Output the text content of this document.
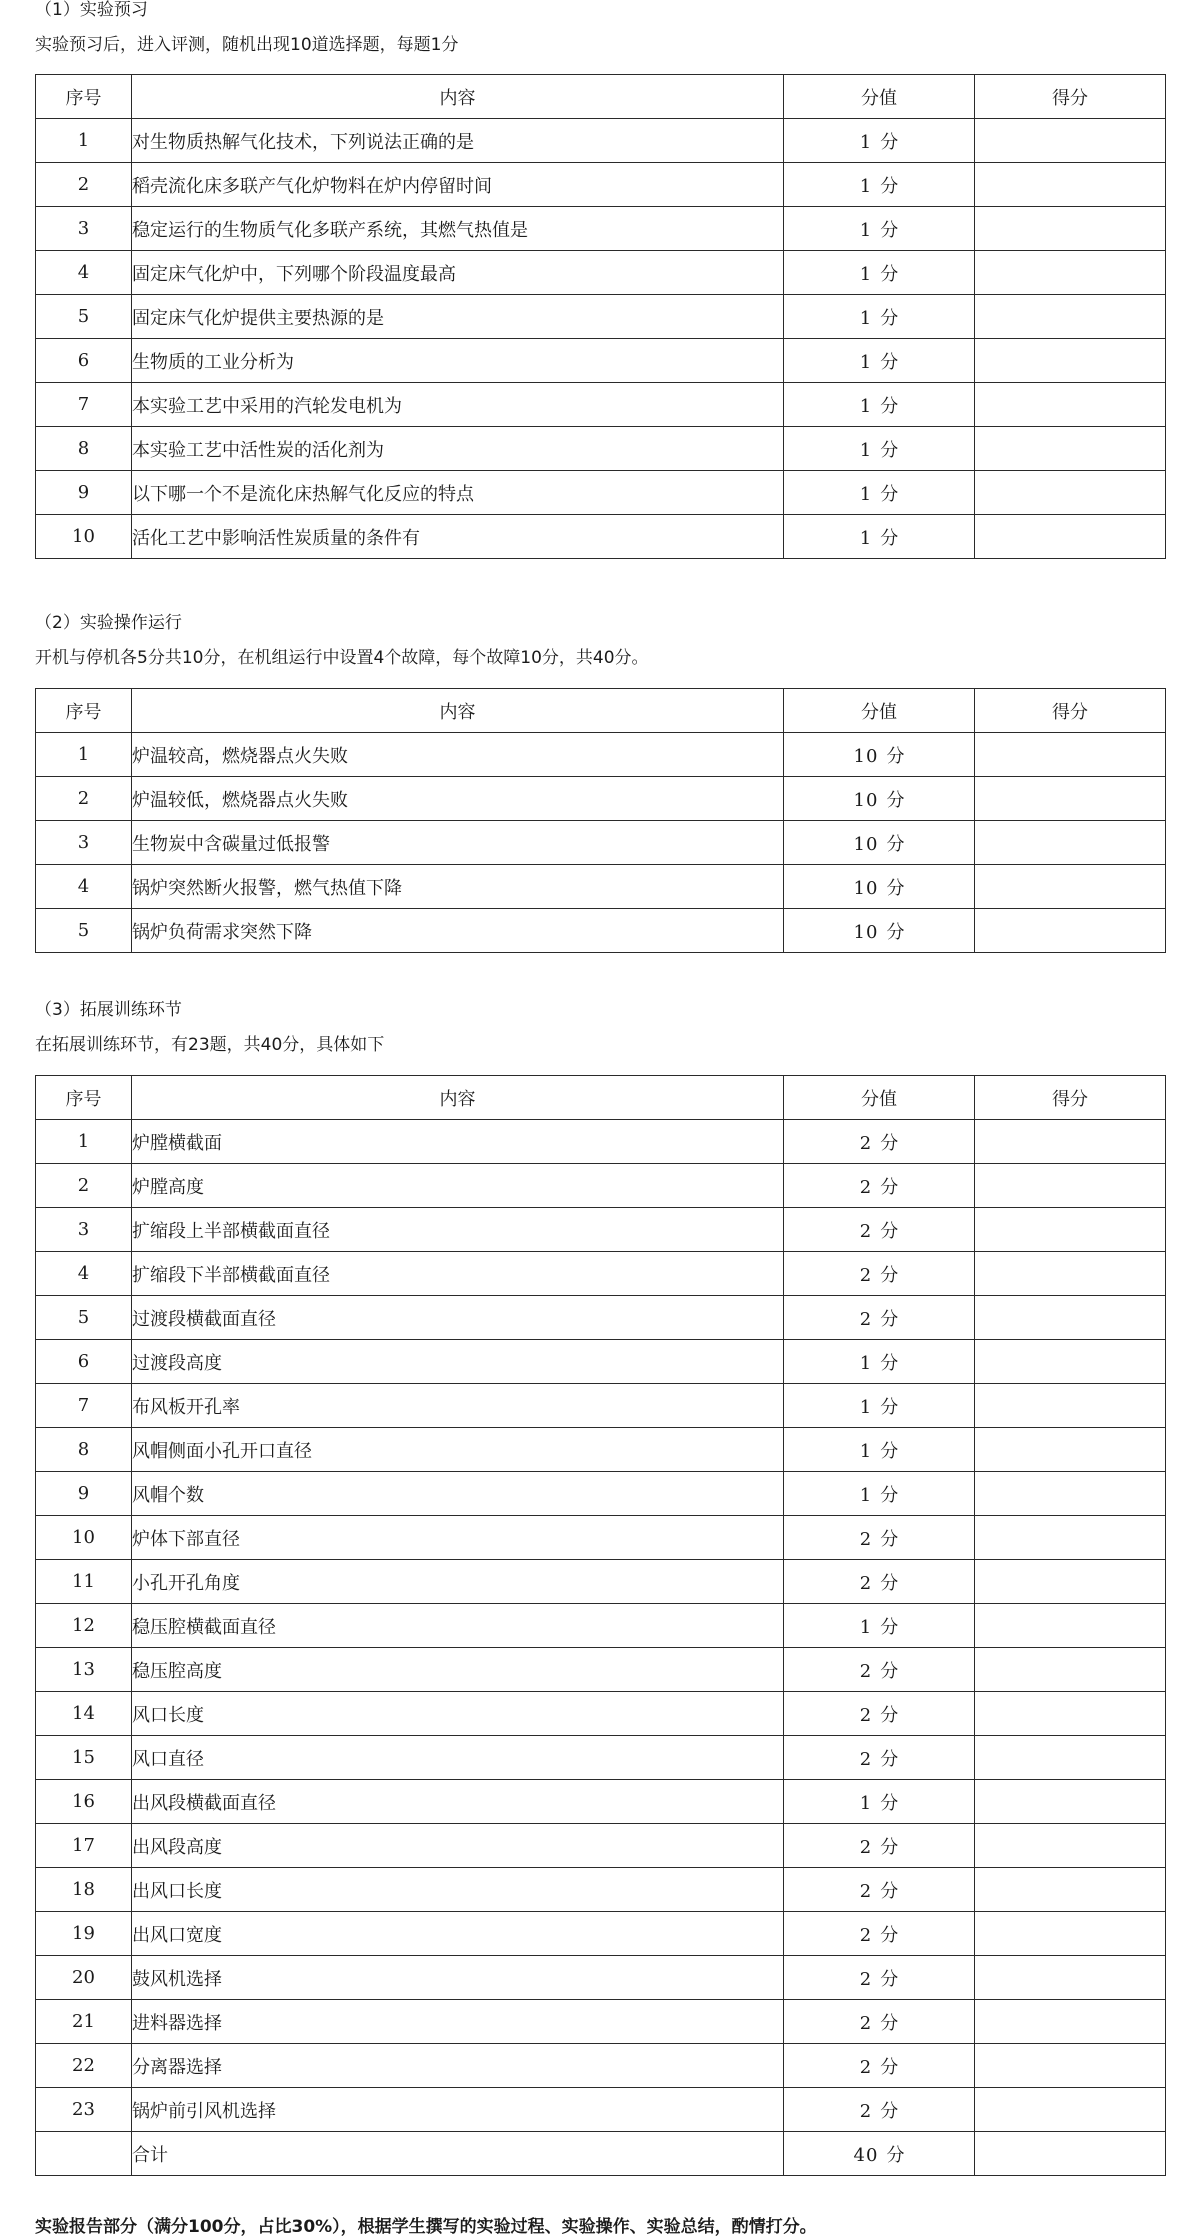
（1）实验预习
实验预习后，进入评测，随机出现10道选择题，每题1分
序号	内容	分值	得分
1	对生物质热解气化技术，下列说法正确的是	1 分	
2	稻壳流化床多联产气化炉物料在炉内停留时间	1 分	
3	稳定运行的生物质气化多联产系统，其燃气热值是	1 分	
4	固定床气化炉中，下列哪个阶段温度最高	1 分	
5	固定床气化炉提供主要热源的是	1 分	
6	生物质的工业分析为	1 分	
7	本实验工艺中采用的汽轮发电机为	1 分	
8	本实验工艺中活性炭的活化剂为	1 分	
9	以下哪一个不是流化床热解气化反应的特点	1 分	
10	活化工艺中影响活性炭质量的条件有	1 分	
（2）实验操作运行
开机与停机各5分共10分，在机组运行中设置4个故障，每个故障10分，共40分。
序号	内容	分值	得分
1	炉温较高，燃烧器点火失败	10 分	
2	炉温较低，燃烧器点火失败	10 分	
3	生物炭中含碳量过低报警	10 分	
4	锅炉突然断火报警，燃气热值下降	10 分	
5	锅炉负荷需求突然下降	10 分	
（3）拓展训练环节
在拓展训练环节，有23题，共40分，具体如下
序号	内容	分值	得分
1	炉膛横截面	2 分	
2	炉膛高度	2 分	
3	扩缩段上半部横截面直径	2 分	
4	扩缩段下半部横截面直径	2 分	
5	过渡段横截面直径	2 分	
6	过渡段高度	1 分	
7	布风板开孔率	1 分	
8	风帽侧面小孔开口直径	1 分	
9	风帽个数	1 分	
10	炉体下部直径	2 分	
11	小孔开孔角度	2 分	
12	稳压腔横截面直径	1 分	
13	稳压腔高度	2 分	
14	风口长度	2 分	
15	风口直径	2 分	
16	出风段横截面直径	1 分	
17	出风段高度	2 分	
18	出风口长度	2 分	
19	出风口宽度	2 分	
20	鼓风机选择	2 分	
21	进料器选择	2 分	
22	分离器选择	2 分	
23	锅炉前引风机选择	2 分	
	合计	40 分	
实验报告部分（满分100分，占比30%），根据学生撰写的实验过程、实验操作、实验总结，酌情打分。
